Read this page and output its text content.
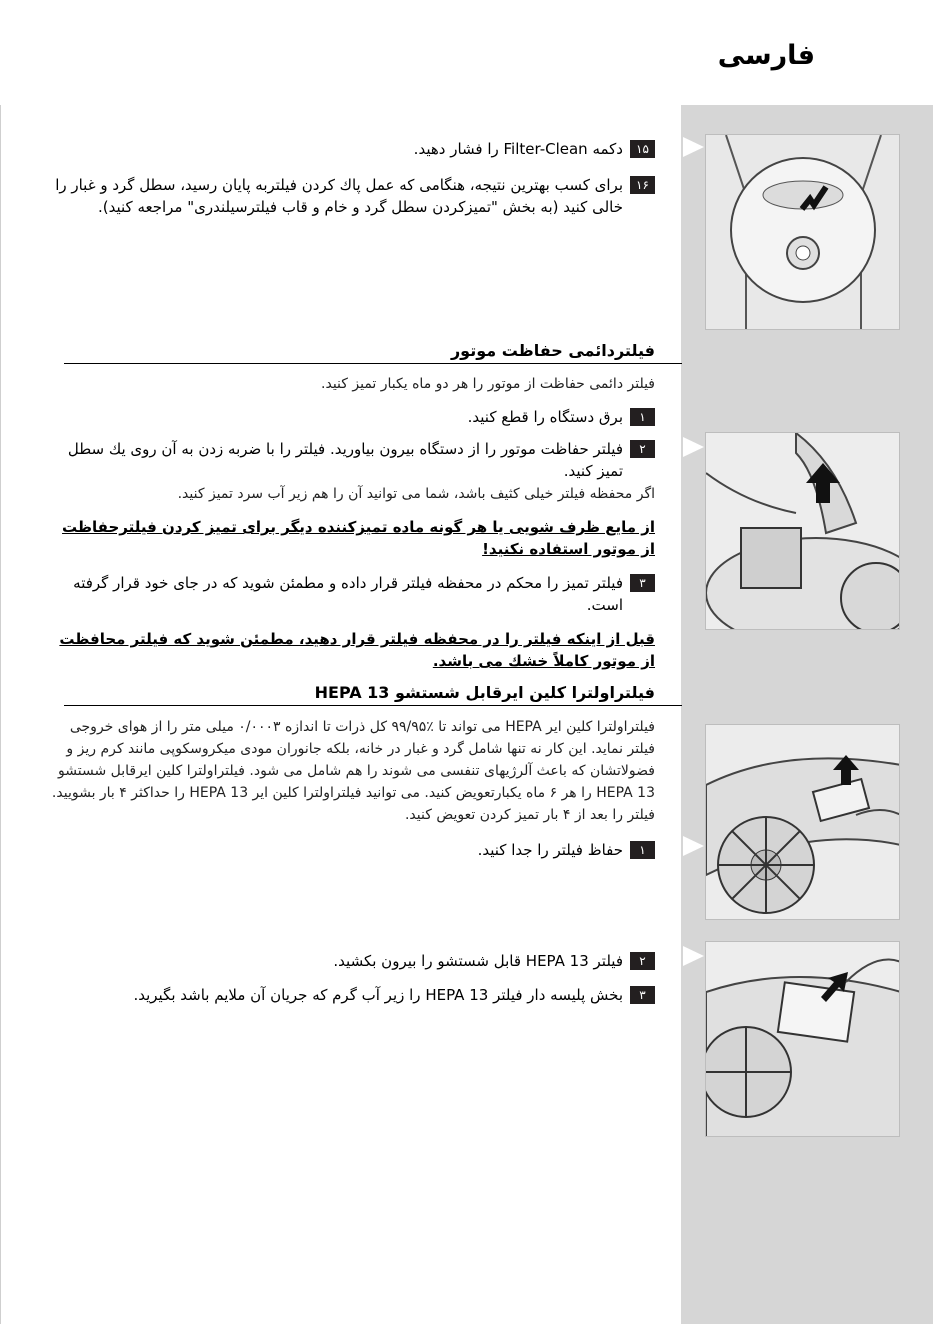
فارسی
۱۵
دکمه Filter-Clean را فشار دهید.
۱۶
برای کسب بهترین نتیجه، هنگامی که عمل پاك کردن فیلتربه پایان رسید، سطل گرد و غبار را خالی کنید (به بخش "تمیزکردن سطل گرد و خام و قاب فیلترسیلندری" مراجعه کنید).
فیلتردائمی حفاظت موتور
فیلتر دائمی حفاظت از موتور را هر دو ماه یکبار تمیز کنید.
۱
برق دستگاه را قطع کنید.
۲
فیلتر حفاظت موتور را از دستگاه بیرون بیاورید. فیلتر را با ضربه زدن به آن روی یك سطل تمیز کنید.
اگر محفظه فیلتر خیلی کثیف باشد، شما می توانید آن را هم زیر آب سرد تمیز کنید.
از مایع ظرف شویی یا هر گونه ماده تمیزکننده دیگر برای تمیز کردن فیلترحفاظت از موتور استفاده نکنید!
۳
فیلتر تمیز را محکم در محفظه فیلتر قرار داده و مطمئن شوید که در جای خود قرار گرفته است.
قبل از اینکه فیلتر را در محفظه فیلتر قرار دهید، مطمئن شوید که فیلتر محافظت از موتور کاملاً خشك می باشد.
فیلتراولترا کلین ایرقابل شستشو HEPA 13
فیلتراولترا کلین ایر HEPA می تواند تا ٪۹۹/۹۵ کل ذرات تا اندازه ۰/۰۰۰۳ میلی متر را از هوای خروجی فیلتر نماید. این کار نه تنها شامل گرد و غبار در خانه، بلکه جانوران مودی میکروسکوپی مانند کرم ریز و فضولاتشان که باعث آلرژیهای تنفسی می شوند را هم شامل می شود. فیلتراولترا کلین ایرقابل شستشو HEPA 13 را هر ۶ ماه یکبارتعویض کنید. می توانید فیلتراولترا کلین ایر HEPA 13 را حداکثر ۴ بار بشویید. فیلتر را بعد از ۴ بار تمیز کردن تعویض کنید.
۱
حفاظ فیلتر را جدا کنید.
۲
فیلتر HEPA 13 قابل شستشو را بیرون بکشید.
۳
بخش پلیسه دار فیلتر HEPA 13 را زیر آب گرم که جریان آن ملایم باشد بگیرید.
